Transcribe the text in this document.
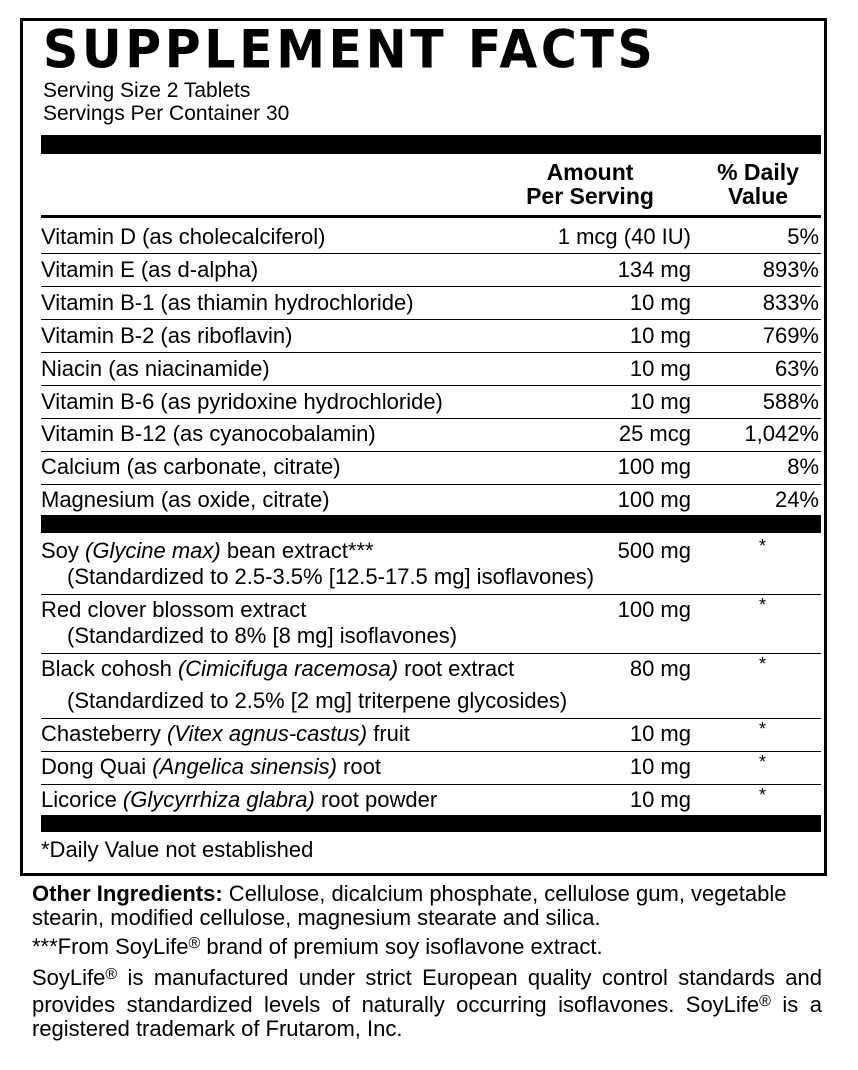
SUPPLEMENT FACTS
Serving Size 2 Tablets
Servings Per Container 30
Amount
Per Serving
% Daily
Value
Vitamin D (as cholecalciferol)	1 mcg (40 IU)	5%
Vitamin E (as d-alpha)	134 mg	893%
Vitamin B-1 (as thiamin hydrochloride)	10 mg	833%
Vitamin B-2 (as riboflavin)	10 mg	769%
Niacin (as niacinamide)	10 mg	63%
Vitamin B-6 (as pyridoxine hydrochloride)	10 mg	588%
Vitamin B-12 (as cyanocobalamin)	25 mcg 1,042%
Calcium (as carbonate, citrate)	100 mg	8%
Magnesium (as oxide, citrate)	100 mg	24%
Soy (Glycine max) bean extract***	500 mg	*
(Standardized to 2.5-3.5% [12.5-17.5 mg] isoflavones)
Red clover blossom extract	100 mg	*
(Standardized to 8% [8 mg] isoflavones)
Black cohosh (Cimicifuga racemosa) root extract	80 mg	*
(Standardized to 2.5% [2 mg] triterpene glycosides)
Chasteberry (Vitex agnus-castus) fruit	10 mg	*
Dong Quai (Angelica sinensis) root	10 mg	*
Licorice (Glycyrrhiza glabra) root powder	10 mg	*
*Daily Value not established

Other Ingredients: Cellulose, dicalcium phosphate, cellulose gum, vegetable stearin, modified cellulose, magnesium stearate and silica.

***From SoyLife® brand of premium soy isoflavone extract.

SoyLife® is manufactured under strict European quality control standards and provides standardized levels of naturally occurring isoflavones. SoyLife® is a registered trademark of Frutarom, Inc.
